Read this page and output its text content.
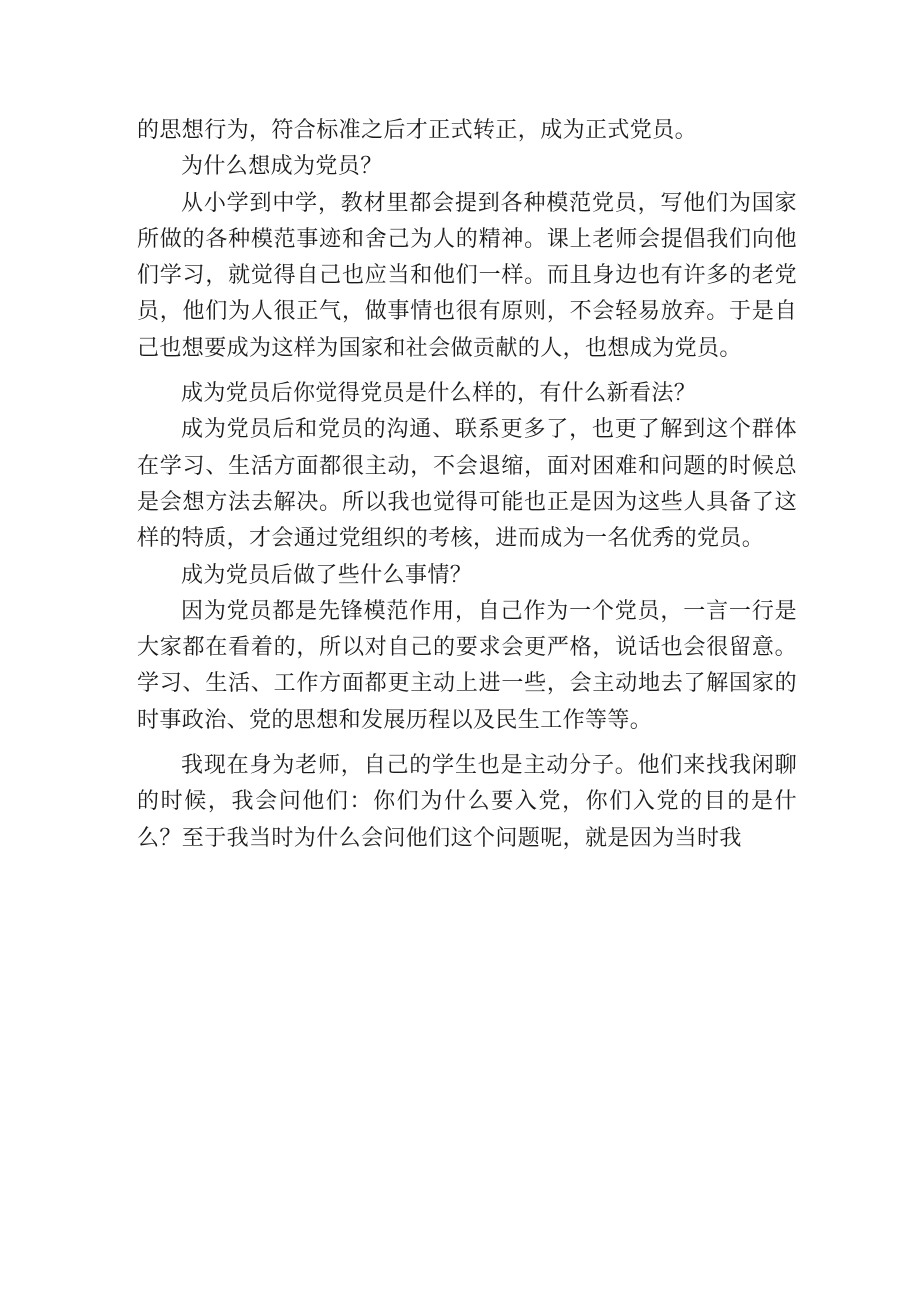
的思想行为，符合标准之后才正式转正，成为正式党员。

为什么想成为党员？

从小学到中学，教材里都会提到各种模范党员，写他们为国家所做的各种模范事迹和舍己为人的精神。课上老师会提倡我们向他们学习，就觉得自己也应当和他们一样。而且身边也有许多的老党员，他们为人很正气，做事情也很有原则，不会轻易放弃。于是自己也想要成为这样为国家和社会做贡献的人，也想成为党员。

成为党员后你觉得党员是什么样的，有什么新看法？

成为党员后和党员的沟通、联系更多了，也更了解到这个群体在学习、生活方面都很主动，不会退缩，面对困难和问题的时候总是会想方法去解决。所以我也觉得可能也正是因为这些人具备了这样的特质，才会通过党组织的考核，进而成为一名优秀的党员。

成为党员后做了些什么事情？

因为党员都是先锋模范作用，自己作为一个党员，一言一行是大家都在看着的，所以对自己的要求会更严格，说话也会很留意。学习、生活、工作方面都更主动上进一些，会主动地去了解国家的时事政治、党的思想和发展历程以及民生工作等等。

我现在身为老师，自己的学生也是主动分子。他们来找我闲聊的时候，我会问他们：你们为什么要入党，你们入党的目的是什么？至于我当时为什么会问他们这个问题呢，就是因为当时我
